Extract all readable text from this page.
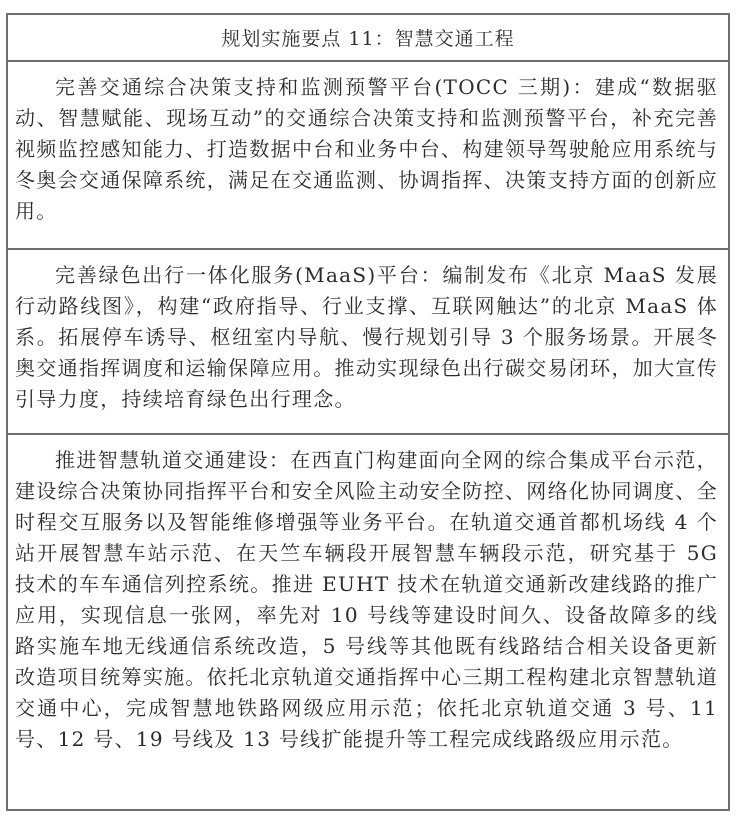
规划实施要点 11：智慧交通工程

完善交通综合决策支持和监测预警平台(TOCC 三期)：建成“数据驱动、智慧赋能、现场互动”的交通综合决策支持和监测预警平台，补充完善视频监控感知能力、打造数据中台和业务中台、构建领导驾驶舱应用系统与冬奥会交通保障系统，满足在交通监测、协调指挥、决策支持方面的创新应用。

完善绿色出行一体化服务(MaaS)平台：编制发布《北京 MaaS 发展行动路线图》，构建“政府指导、行业支撑、互联网触达”的北京 MaaS 体系。拓展停车诱导、枢纽室内导航、慢行规划引导 3 个服务场景。开展冬奥交通指挥调度和运输保障应用。推动实现绿色出行碳交易闭环，加大宣传引导力度，持续培育绿色出行理念。

推进智慧轨道交通建设：在西直门构建面向全网的综合集成平台示范，建设综合决策协同指挥平台和安全风险主动安全防控、网络化协同调度、全时程交互服务以及智能维修增强等业务平台。在轨道交通首都机场线 4 个站开展智慧车站示范、在天竺车辆段开展智慧车辆段示范，研究基于 5G 技术的车车通信列控系统。推进 EUHT 技术在轨道交通新改建线路的推广应用，实现信息一张网，率先对 10 号线等建设时间久、设备故障多的线路实施车地无线通信系统改造，5 号线等其他既有线路结合相关设备更新改造项目统筹实施。依托北京轨道交通指挥中心三期工程构建北京智慧轨道交通中心，完成智慧地铁路网级应用示范；依托北京轨道交通 3 号、11 号、12 号、19 号线及 13 号线扩能提升等工程完成线路级应用示范。
